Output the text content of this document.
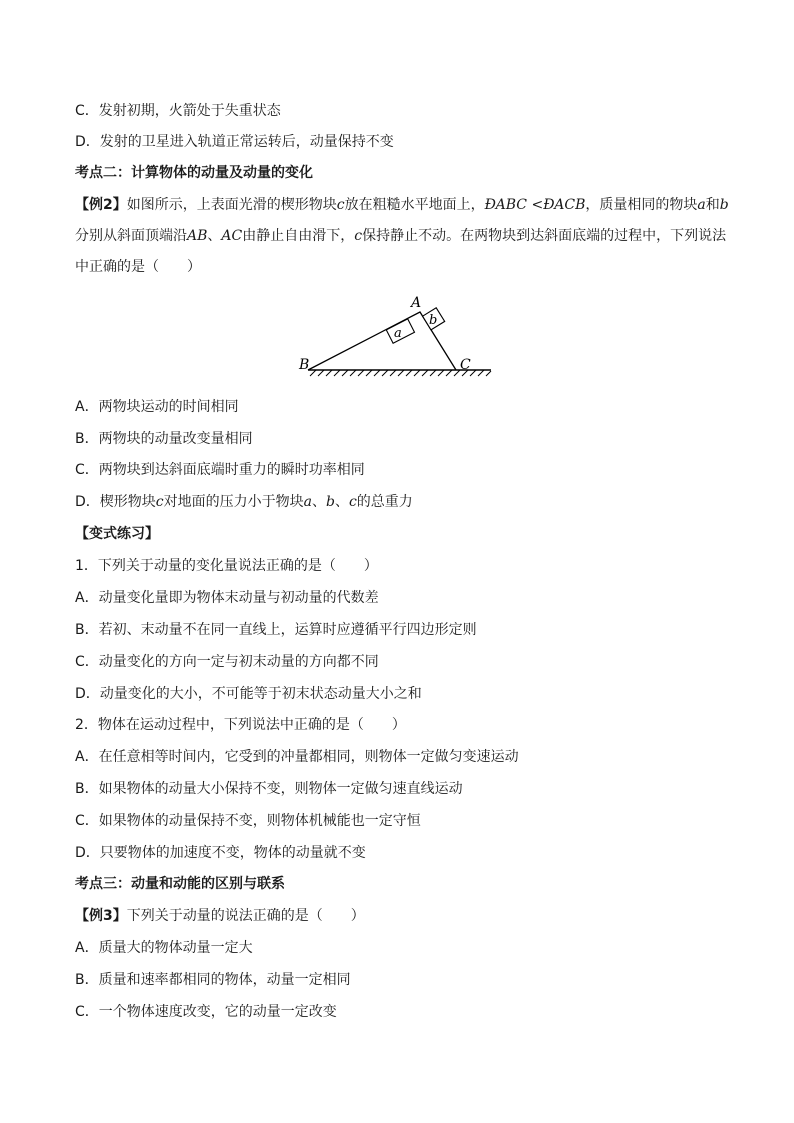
C．发射初期，火箭处于失重状态
D．发射的卫星进入轨道正常运转后，动量保持不变
考点二：计算物体的动量及动量的变化
【例2】如图所示，上表面光滑的楔形物块c放在粗糙水平地面上，ÐABC <ÐACB，质量相同的物块a和b
分别从斜面顶端沿AB、AC由静止自由滑下，c保持静止不动。在两物块到达斜面底端的过程中，下列说法
中正确的是（　　）
a
b
A
B	C
A．两物块运动的时间相同
B．两物块的动量改变量相同
C．两物块到达斜面底端时重力的瞬时功率相同
D．楔形物块c对地面的压力小于物块a、b、c的总重力
【变式练习】
1．下列关于动量的变化量说法正确的是（　　）
A．动量变化量即为物体末动量与初动量的代数差
B．若初、末动量不在同一直线上，运算时应遵循平行四边形定则
C．动量变化的方向一定与初末动量的方向都不同
D．动量变化的大小，不可能等于初末状态动量大小之和
2．物体在运动过程中，下列说法中正确的是（　　）
A．在任意相等时间内，它受到的冲量都相同，则物体一定做匀变速运动
B．如果物体的动量大小保持不变，则物体一定做匀速直线运动
C．如果物体的动量保持不变，则物体机械能也一定守恒
D．只要物体的加速度不变，物体的动量就不变
考点三：动量和动能的区别与联系
【例3】下列关于动量的说法正确的是（　　）
A．质量大的物体动量一定大
B．质量和速率都相同的物体，动量一定相同
C．一个物体速度改变，它的动量一定改变
